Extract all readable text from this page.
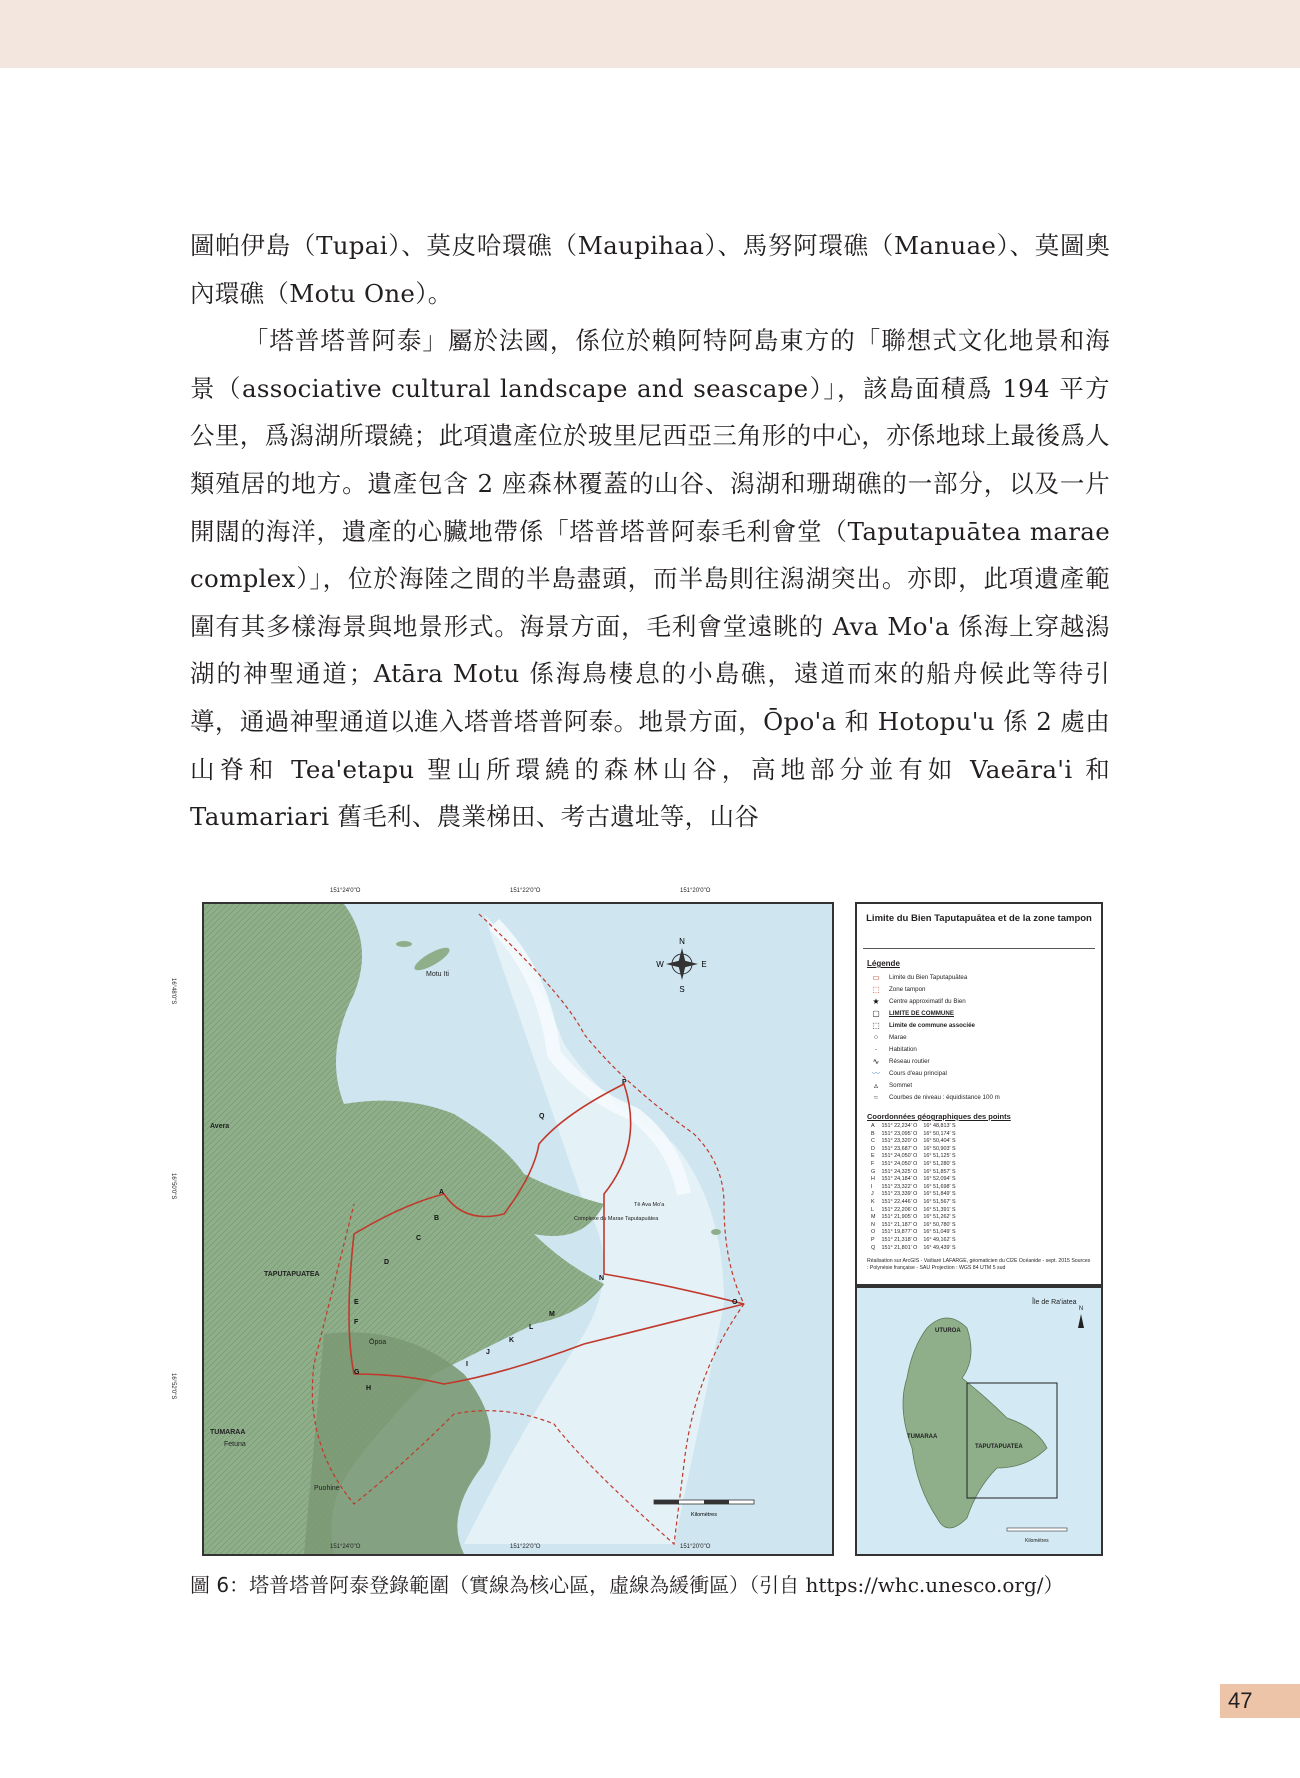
圖帕伊島（Tupai）、莫皮哈環礁（Maupihaa）、馬努阿環礁（Manuae）、莫圖奧內環礁（Motu One）。

「塔普塔普阿泰」屬於法國，係位於賴阿特阿島東方的「聯想式文化地景和海景（associative cultural landscape and seascape）」，該島面積爲 194 平方公里，爲潟湖所環繞；此項遺產位於玻里尼西亞三角形的中心，亦係地球上最後爲人類殖居的地方。遺產包含 2 座森林覆蓋的山谷、潟湖和珊瑚礁的一部分，以及一片開闊的海洋，遺產的心臟地帶係「塔普塔普阿泰毛利會堂（Taputapuātea marae complex）」，位於海陸之間的半島盡頭，而半島則往潟湖突出。亦即，此項遺產範圍有其多樣海景與地景形式。海景方面，毛利會堂遠眺的 Ava Mo'a 係海上穿越潟湖的神聖通道；Atāra Motu 係海鳥棲息的小島礁，遠道而來的船舟候此等待引導，通過神聖通道以進入塔普塔普阿泰。地景方面，Ōpo'a 和 Hotopu'u 係 2 處由山脊和 Tea'etapu 聖山所環繞的森林山谷，高地部分並有如 Vaeāra'i 和 Taumariari 舊毛利、農業梯田、考古遺址等，山谷

N
S
E
W
Avera
TAPUTAPUATEA
Ōpoa
TUMARAA
Fetuna
Puohine
Motu Iti
Complexe du Marae Taputapuātea
Tē Ava Mo'a
A
B
C
D
E
F
G
H
I
J
K
L
M
N
O
P
Q
Kilomètres
151°24'0"O	151°22'0"O	151°20'0"O
151°24'0"O	151°22'0"O	151°20'0"O
16°48'0"S
16°50'0"S
16°52'0"S
Limite du Bien Taputapuātea et de la zone tampon
Légende
▭	Limite du Bien Taputapuātea
⬚	Zone tampon
★	Centre approximatif du Bien
▢	LIMITE DE COMMUNE
⬚	Limite de commune associée
⁘	Marae
·	Habitation
∿	Réseau routier
〰	Cours d'eau principal
▵	Sommet
≈	Courbes de niveau : équidistance 100 m
Coordonnées géographiques des points
A	151° 22,234' O	16° 48,813' S
B	151° 23,095' O	16° 50,174' S
C	151° 23,320' O	16° 50,404' S
D	151° 23,687' O	16° 50,903' S
E	151° 24,050' O	16° 51,125' S
F	151° 24,050' O	16° 51,280' S
G	151° 24,325' O	16° 51,857' S
H	151° 24,184' O	16° 52,094' S
I	151° 23,322' O	16° 51,698' S
J	151° 23,339' O	16° 51,849' S
K	151° 22,446' O	16° 51,567' S
L	151° 22,206' O	16° 51,391' S
M	151° 21,905' O	16° 51,262' S
N	151° 21,187' O	16° 50,780' S
O	151° 19,877' O	16° 51,049' S
P	151° 21,318' O	16° 49,162' S
Q	151° 21,801' O	16° 49,439' S
Réalisation sur ArcGIS - Vaïtiaré LAFARGE, géomaticien du Cl2E Océanide - sept. 2015 Sources : Polynésie française - SAU Projection : WGS 84 UTM 5 sud
Île de Ra'iatea
UTUROA
TUMARAA
TAPUTAPUATEA
N
Kilomètres
圖 6：塔普塔普阿泰登錄範圍（實線為核心區，虛線為緩衝區）（引自 https://whc.unesco.org/）
47
